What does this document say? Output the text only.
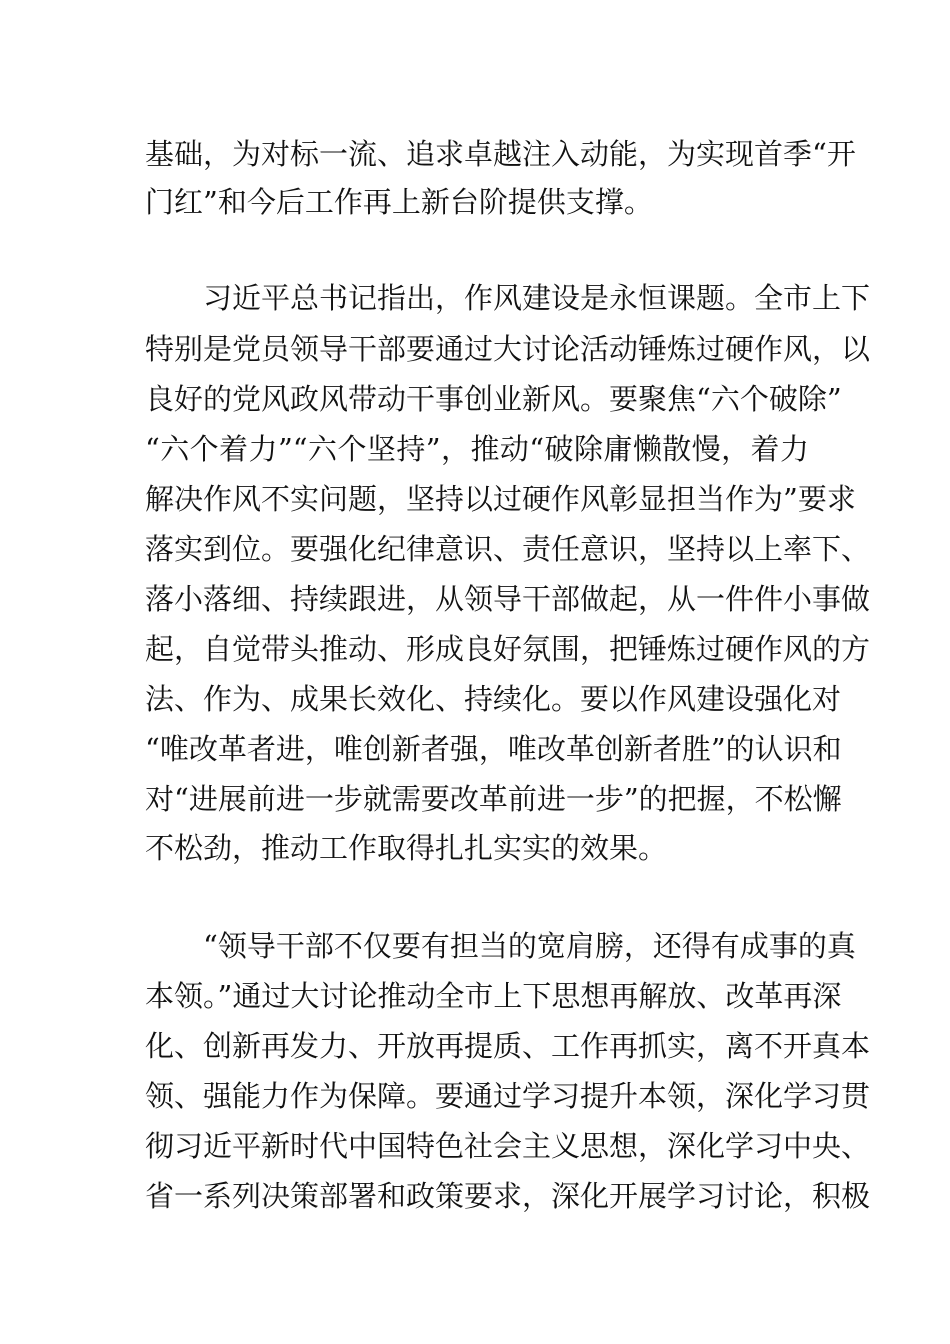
基础，为对标一流、追求卓越注入动能，为实现首季“开
门红”和今后工作再上新台阶提供支撑。
习近平总书记指出，作风建设是永恒课题。全市上下
特别是党员领导干部要通过大讨论活动锤炼过硬作风，以
良好的党风政风带动干事创业新风。要聚焦“六个破除”
“六个着力”“六个坚持”，推动“破除庸懒散慢，着力
解决作风不实问题，坚持以过硬作风彰显担当作为”要求
落实到位。要强化纪律意识、责任意识，坚持以上率下、
落小落细、持续跟进，从领导干部做起，从一件件小事做
起，自觉带头推动、形成良好氛围，把锤炼过硬作风的方
法、作为、成果长效化、持续化。要以作风建设强化对
“唯改革者进，唯创新者强，唯改革创新者胜”的认识和
对“进展前进一步就需要改革前进一步”的把握，不松懈
不松劲，推动工作取得扎扎实实的效果。
“领导干部不仅要有担当的宽肩膀，还得有成事的真
本领。”通过大讨论推动全市上下思想再解放、改革再深
化、创新再发力、开放再提质、工作再抓实，离不开真本
领、强能力作为保障。要通过学习提升本领，深化学习贯
彻习近平新时代中国特色社会主义思想，深化学习中央、
省一系列决策部署和政策要求，深化开展学习讨论，积极
